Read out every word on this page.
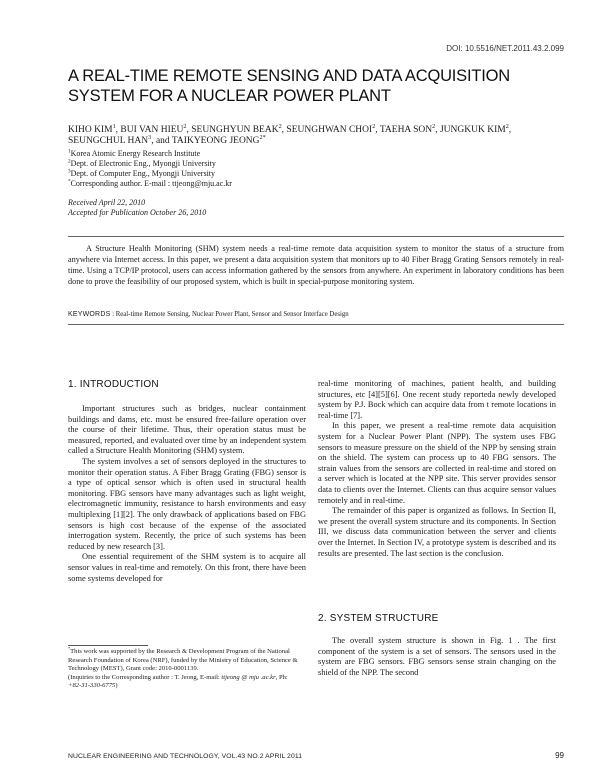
DOI: 10.5516/NET.2011.43.2.099
A REAL-TIME REMOTE SENSING AND DATA ACQUISITION SYSTEM FOR A NUCLEAR POWER PLANT
KIHO KIM$^1$, BUI VAN HIEU$^2$, SEUNGHYUN BEAK$^2$, SEUNGHWAN CHOI$^2$, TAEHA SON$^2$, JUNGKUK KIM$^2$,
SEUNGCHUL HAN$^3$, and TAIKYEONG $JEONG^{2*}$
$^1$Korea Atomic Energy Research Institute
$^2$Dept. of Electronic Eng., Myongji University
$^3$Dept. of Computer Eng., Myongji University
*Corresponding author. E-mail : ttjeong@mju.ac.kr
Received April 22, 2010
Accepted for Publication October 26, 2010

A Structure Health Monitoring (SHM) system needs a real-time remote data acquisition system to monitor the status of a structure from anywhere via Internet access. In this paper, we present a data acquisition system that monitors up to 40 Fiber Bragg Grating Sensors remotely in real-time. Using a TCP/IP protocol, users can access information gathered by the sensors from anywhere. An experiment in laboratory conditions has been done to prove the feasibility of our proposed system, which is built in special-purpose monitoring system.

KEYWORDS : Real-time Remote Sensing, Nuclear Power Plant, Sensor and Sensor Interface Design
1. INTRODUCTION

Important structures such as bridges, nuclear containment buildings and dams, etc. must be ensured free-failure operation over the course of their lifetime. Thus, their operation status must be measured, reported, and evaluated over time by an independent system called a Structure Health Monitoring (SHM) system.

The system involves a set of sensors deployed in the structures to monitor their operation status. A Fiber Bragg Grating (FBG) sensor is a type of optical sensor which is often used in structural health monitoring. FBG sensors have many advantages such as light weight, electromagnetic immunity, resistance to harsh environments and easy multiplexing [1][2]. The only drawback of applications based on FBG sensors is high cost because of the expense of the associated interrogation system. Recently, the price of such systems has been reduced by new research [3].

One essential requirement of the SHM system is to acquire all sensor values in real-time and remotely. On this front, there have been some systems developed for

*This work was supported by the Research & Development Program of the National Research Foundation of Korea (NRF), funded by the Ministry of Education, Science & Technology (MEST), Grant code: 2010-0001139.

(Inquiries to the Corresponding author : T. Jeong, E-mail: ttjeong @ mju .ac.kr, Ph: +82-31-330-6775)

real-time monitoring of machines, patient health, and building structures, etc [4][5][6]. One recent study reporteda newly developed system by P.J. Bock which can acquire data from t remote locations in real-time [7].

In this paper, we present a real-time remote data acquisition system for a Nuclear Power Plant (NPP). The system uses FBG sensors to measure pressure on the shield of the NPP by sensing strain on the shield. The system can process up to 40 FBG sensors. The strain values from the sensors are collected in real-time and stored on a server which is located at the NPP site. This server provides sensor data to clients over the Internet. Clients can thus acquire sensor values remotely and in real-time.

The remainder of this paper is organized as follows. In Section II, we present the overall system structure and its components. In Section III, we discuss data communication between the server and clients over the Internet. In Section IV, a prototype system is described and its results are presented. The last section is the conclusion.

2. SYSTEM STRUCTURE

The overall system structure is shown in Fig. 1 . The first component of the system is a set of sensors. The sensors used in the system are FBG sensors. FBG sensors sense strain changing on the shield of the NPP. The second

NUCLEAR ENGINEERING AND TECHNOLOGY, VOL.43 NO.2 APRIL 2011	99
